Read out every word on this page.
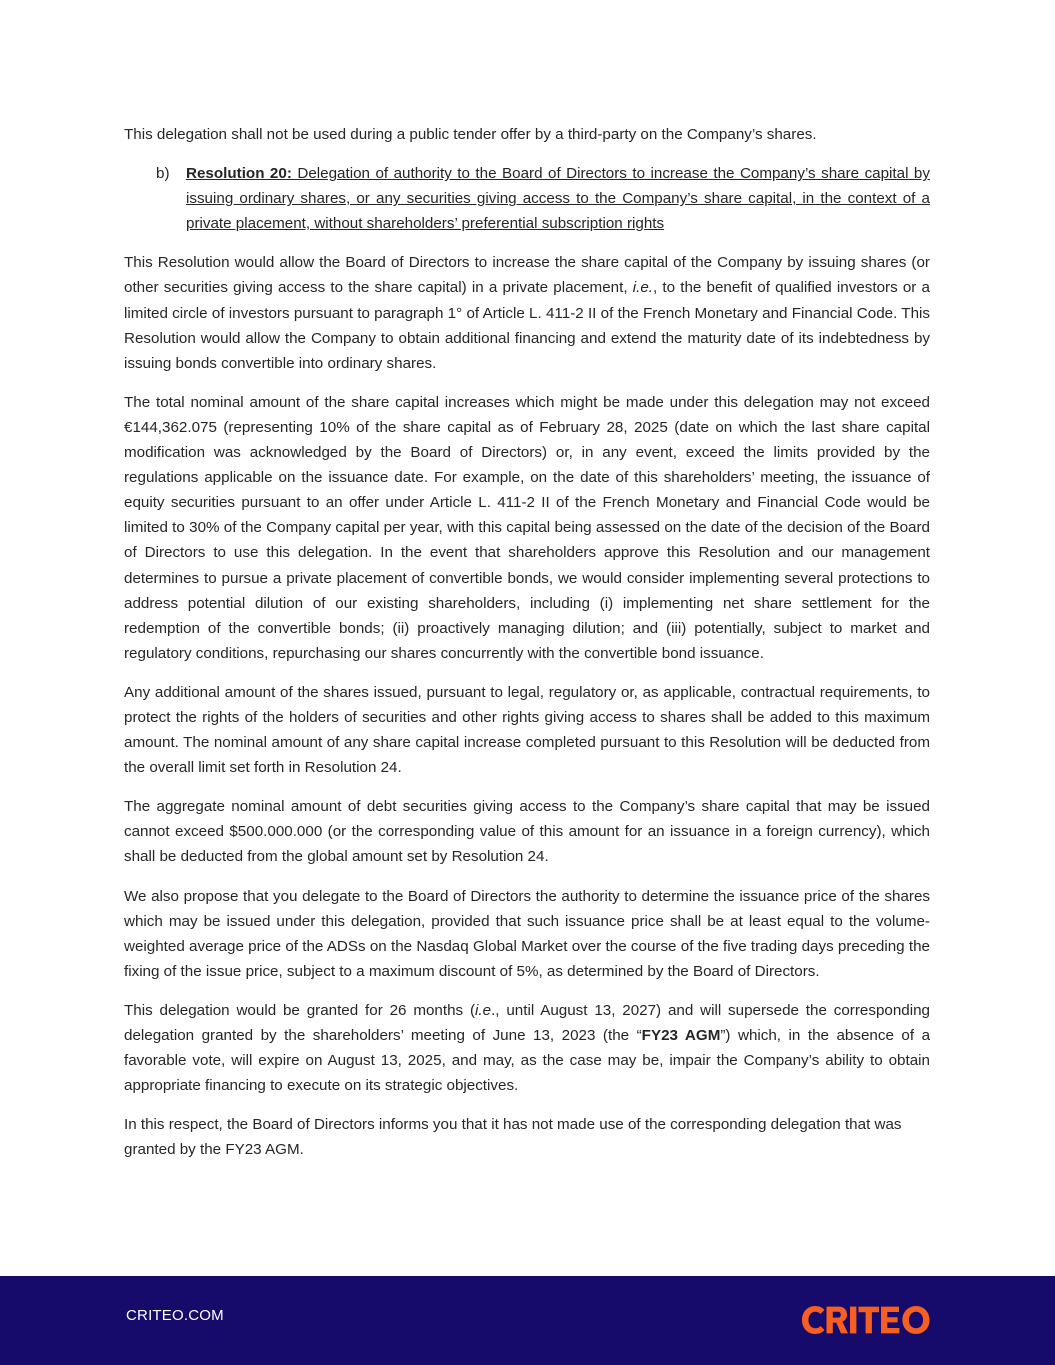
This delegation shall not be used during a public tender offer by a third-party on the Company’s shares.

b)	Resolution 20: Delegation of authority to the Board of Directors to increase the Company’s share capital by issuing ordinary shares, or any securities giving access to the Company’s share capital, in the context of a private placement, without shareholders’ preferential subscription rights

This Resolution would allow the Board of Directors to increase the share capital of the Company by issuing shares (or other securities giving access to the share capital) in a private placement, i.e., to the benefit of qualified investors or a limited circle of investors pursuant to paragraph 1° of Article L. 411-2 II of the French Monetary and Financial Code. This Resolution would allow the Company to obtain additional financing and extend the maturity date of its indebtedness by issuing bonds convertible into ordinary shares.

The total nominal amount of the share capital increases which might be made under this delegation may not exceed €144,362.075 (representing 10% of the share capital as of February 28, 2025 (date on which the last share capital modification was acknowledged by the Board of Directors) or, in any event, exceed the limits provided by the regulations applicable on the issuance date. For example, on the date of this shareholders’ meeting, the issuance of equity securities pursuant to an offer under Article L. 411-2 II of the French Monetary and Financial Code would be limited to 30% of the Company capital per year, with this capital being assessed on the date of the decision of the Board of Directors to use this delegation. In the event that shareholders approve this Resolution and our management determines to pursue a private placement of convertible bonds, we would consider implementing several protections to address potential dilution of our existing shareholders, including (i) implementing net share settlement for the redemption of the convertible bonds; (ii) proactively managing dilution; and (iii) potentially, subject to market and regulatory conditions, repurchasing our shares concurrently with the convertible bond issuance.

Any additional amount of the shares issued, pursuant to legal, regulatory or, as applicable, contractual requirements, to protect the rights of the holders of securities and other rights giving access to shares shall be added to this maximum amount. The nominal amount of any share capital increase completed pursuant to this Resolution will be deducted from the overall limit set forth in Resolution 24.

The aggregate nominal amount of debt securities giving access to the Company’s share capital that may be issued cannot exceed $500.000.000 (or the corresponding value of this amount for an issuance in a foreign currency), which shall be deducted from the global amount set by Resolution 24.

We also propose that you delegate to the Board of Directors the authority to determine the issuance price of the shares which may be issued under this delegation, provided that such issuance price shall be at least equal to the volume-weighted average price of the ADSs on the Nasdaq Global Market over the course of the five trading days preceding the fixing of the issue price, subject to a maximum discount of 5%, as determined by the Board of Directors.

This delegation would be granted for 26 months (i.e., until August 13, 2027) and will supersede the corresponding delegation granted by the shareholders’ meeting of June 13, 2023 (the “FY23 AGM”) which, in the absence of a favorable vote, will expire on August 13, 2025, and may, as the case may be, impair the Company’s ability to obtain appropriate financing to execute on its strategic objectives.

In this respect, the Board of Directors informs you that it has not made use of the corresponding delegation that was granted by the FY23 AGM.

CRITEO.COM
